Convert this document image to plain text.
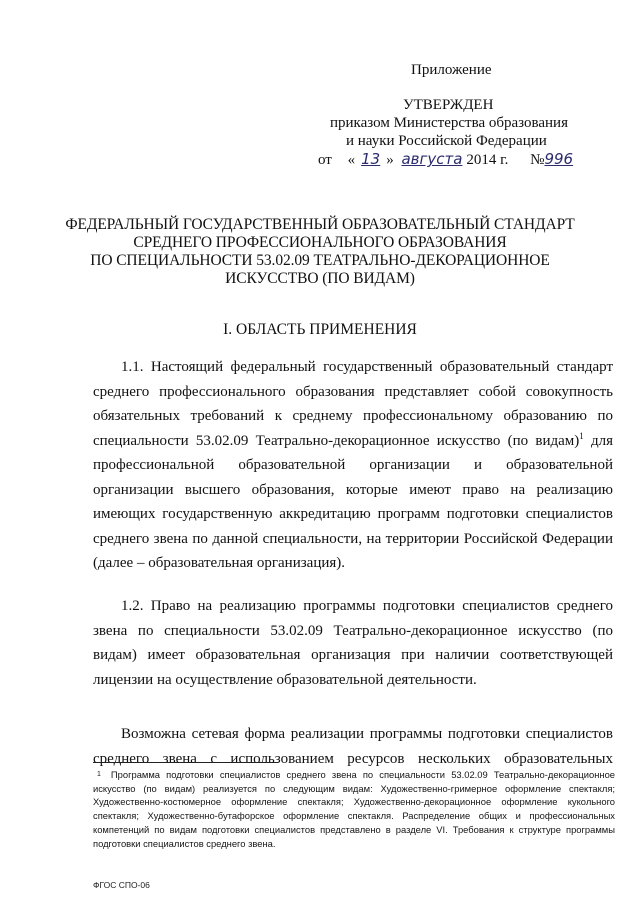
Приложение
УТВЕРЖДЕН
приказом Министерства образования
и науки Российской Федерации
от « 13 » августа 2014 г. №996
ФЕДЕРАЛЬНЫЙ ГОСУДАРСТВЕННЫЙ ОБРАЗОВАТЕЛЬНЫЙ СТАНДАРТ
СРЕДНЕГО ПРОФЕССИОНАЛЬНОГО ОБРАЗОВАНИЯ
ПО СПЕЦИАЛЬНОСТИ 53.02.09 ТЕАТРАЛЬНО-ДЕКОРАЦИОННОЕ
ИСКУССТВО (ПО ВИДАМ)
I. ОБЛАСТЬ ПРИМЕНЕНИЯ

1.1. Настоящий федеральный государственный образовательный стандарт среднего профессионального образования представляет собой совокупность обязательных требований к среднему профессиональному образованию по специальности 53.02.09 Театрально-декорационное искусство (по видам)$^1$ для профессиональной образовательной организации и образовательной организации высшего образования, которые имеют право на реализацию имеющих государственную аккредитацию программ подготовки специалистов среднего звена по данной специальности, на территории Российской Федерации (далее – образовательная организация).

1.2. Право на реализацию программы подготовки специалистов среднего звена по специальности 53.02.09 Театрально-декорационное искусство (по видам) имеет образовательная организация при наличии соответствующей лицензии на осуществление образовательной деятельности.

Возможна сетевая форма реализации программы подготовки специалистов среднего звена с использованием ресурсов нескольких образовательных

$^1$ Программа подготовки специалистов среднего звена по специальности 53.02.09 Театрально-декорационное искусство (по видам) реализуется по следующим видам: Художественно-гримерное оформление спектакля; Художественно-костюмерное оформление спектакля; Художественно-декорационное оформление кукольного спектакля; Художественно-бутафорское оформление спектакля. Распределение общих и профессиональных компетенций по видам подготовки специалистов представлено в разделе VI. Требования к структуре программы подготовки специалистов среднего звена.
ФГОС СПО-06
